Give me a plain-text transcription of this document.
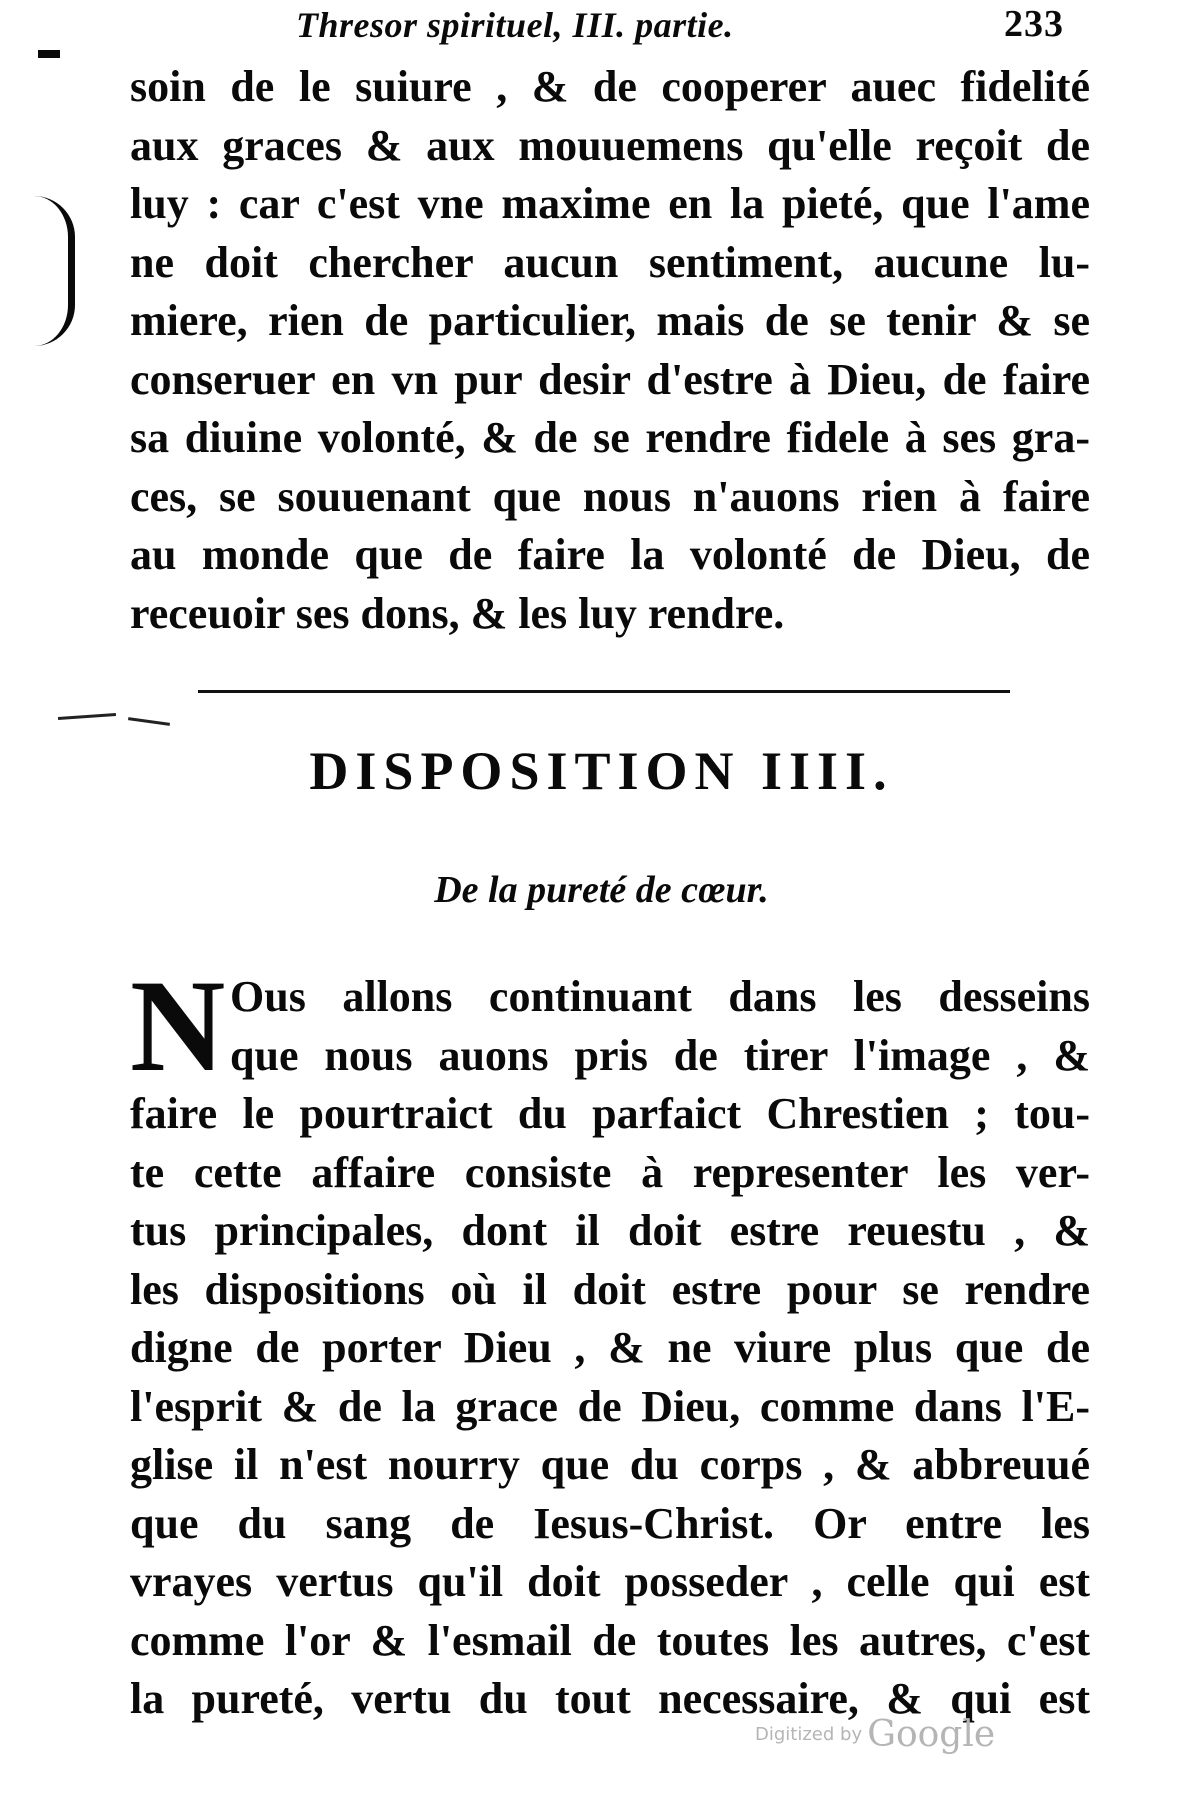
Thresor spirituel, III. partie.	233
soin de le suiure , & de cooperer auec fidelité
aux graces & aux mouuemens qu'elle reçoit de
luy : car c'est vne maxime en la pieté, que l'ame
ne doit chercher aucun sentiment, aucune lu-
miere, rien de particulier, mais de se tenir & se
conseruer en vn pur desir d'estre à Dieu, de faire
sa diuine volonté, & de se rendre fidele à ses gra-
ces, se souuenant que nous n'auons rien à faire
au monde que de faire la volonté de Dieu, de
receuoir ses dons, & les luy rendre.
DISPOSITION IIII.
De la pureté de cœur.
N Ous allons continuant dans les desseins
que nous auons pris de tirer l'image , &
faire le pourtraict du parfaict Chrestien ; tou-
te cette affaire consiste à representer les ver-
tus principales, dont il doit estre reuestu , &
les dispositions où il doit estre pour se rendre
digne de porter Dieu , & ne viure plus que de
l'esprit & de la grace de Dieu, comme dans l'E-
glise il n'est nourry que du corps , & abbreuué
que du sang de Iesus-Christ. Or entre les
vrayes vertus qu'il doit posseder , celle qui est
comme l'or & l'esmail de toutes les autres, c'est
la pureté, vertu du tout necessaire, & qui est
Digitized by Google
